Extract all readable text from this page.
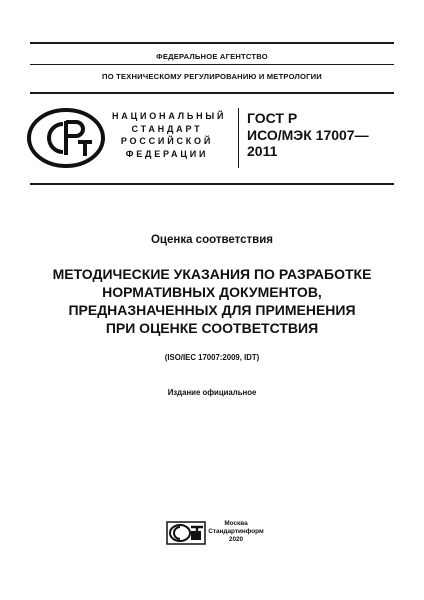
ФЕДЕРАЛЬНОЕ АГЕНТСТВО
ПО ТЕХНИЧЕСКОМУ РЕГУЛИРОВАНИЮ И МЕТРОЛОГИИ
НАЦИОНАЛЬНЫЙ
СТАНДАРТ
РОССИЙСКОЙ
ФЕДЕРАЦИИ
ГОСТ Р
ИСО/МЭК 17007—
2011
Оценка соответствия
МЕТОДИЧЕСКИЕ УКАЗАНИЯ ПО РАЗРАБОТКЕ
НОРМАТИВНЫХ ДОКУМЕНТОВ,
ПРЕДНАЗНАЧЕННЫХ ДЛЯ ПРИМЕНЕНИЯ
ПРИ ОЦЕНКЕ СООТВЕТСТВИЯ
(ISO/IEC 17007:2009, IDT)
Издание официальное
Москва
Стандартинформ
2020
